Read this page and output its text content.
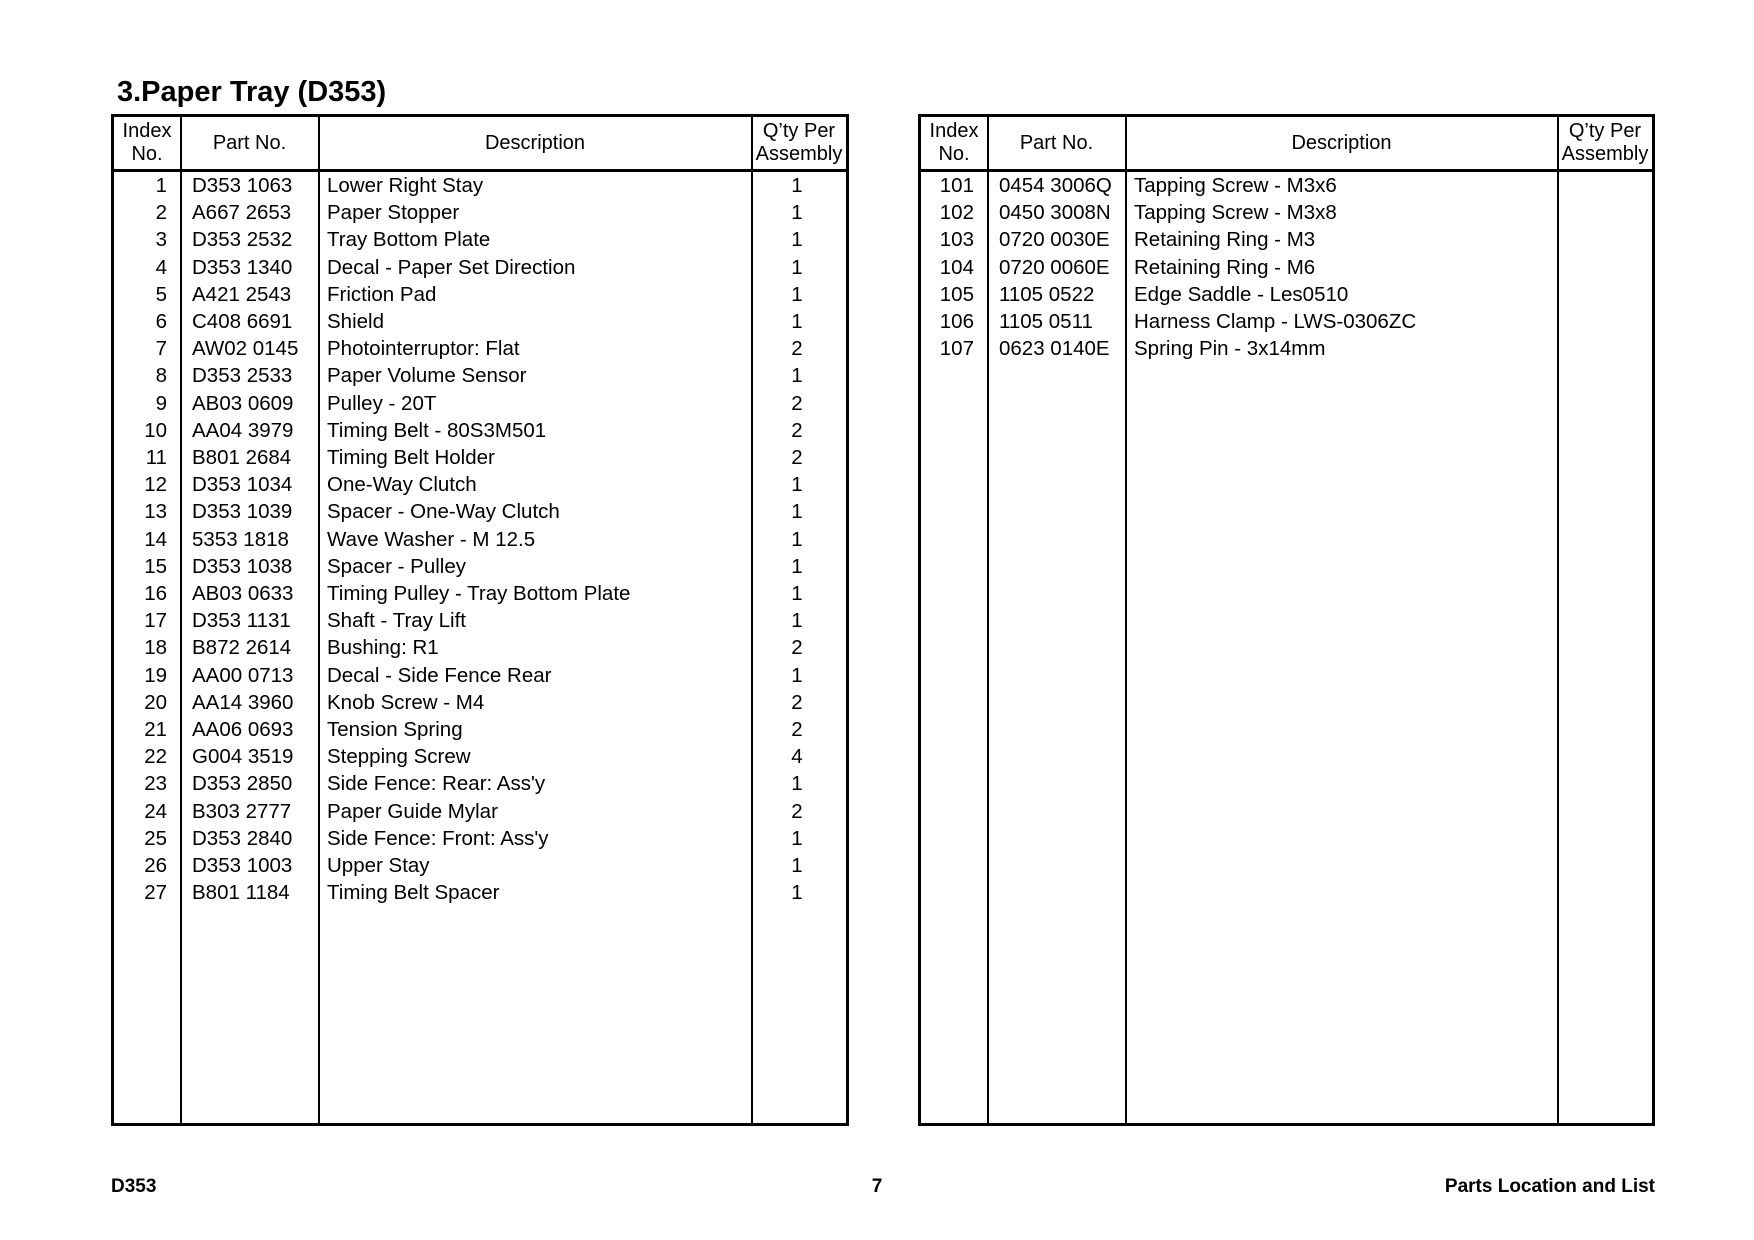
3.Paper Tray (D353)
Index
No.
Part No.	Description
Q’ty Per
Assembly
1 D353 1063	Lower Right Stay	1
2 A667 2653	Paper Stopper	1
3 D353 2532	Tray Bottom Plate	1
4 D353 1340	Decal - Paper Set Direction	1
5 A421 2543	Friction Pad	1
6 C408 6691	Shield	1
7 AW02 0145	Photointerruptor: Flat	2
8 D353 2533	Paper Volume Sensor	1
9 AB03 0609	Pulley - 20T	2
10 AA04 3979	Timing Belt - 80S3M501	2
11 B801 2684	Timing Belt Holder	2
12 D353 1034	One-Way Clutch	1
13 D353 1039	Spacer - One-Way Clutch	1
14 5353 1818	Wave Washer - M 12.5	1
15 D353 1038	Spacer - Pulley	1
16 AB03 0633	Timing Pulley - Tray Bottom Plate	1
17 D353 1131	Shaft - Tray Lift	1
18 B872 2614	Bushing: R1	2
19 AA00 0713	Decal - Side Fence Rear	1
20 AA14 3960	Knob Screw - M4	2
21 AA06 0693	Tension Spring	2
22 G004 3519	Stepping Screw	4
23 D353 2850	Side Fence: Rear: Ass'y	1
24 B303 2777	Paper Guide Mylar	2
25 D353 2840	Side Fence: Front: Ass'y	1
26 D353 1003	Upper Stay	1
27 B801 1184	Timing Belt Spacer	1
Index
No.
Part No.	Description
Q’ty Per
Assembly
101 0454 3006Q	Tapping Screw - M3x6
102 0450 3008N	Tapping Screw - M3x8
103 0720 0030E	Retaining Ring - M3
104 0720 0060E	Retaining Ring - M6
105 1105 0522	Edge Saddle - Les0510
106 1105 0511	Harness Clamp - LWS-0306ZC
107 0623 0140E	Spring Pin - 3x14mm
D353	7	Parts Location and List
